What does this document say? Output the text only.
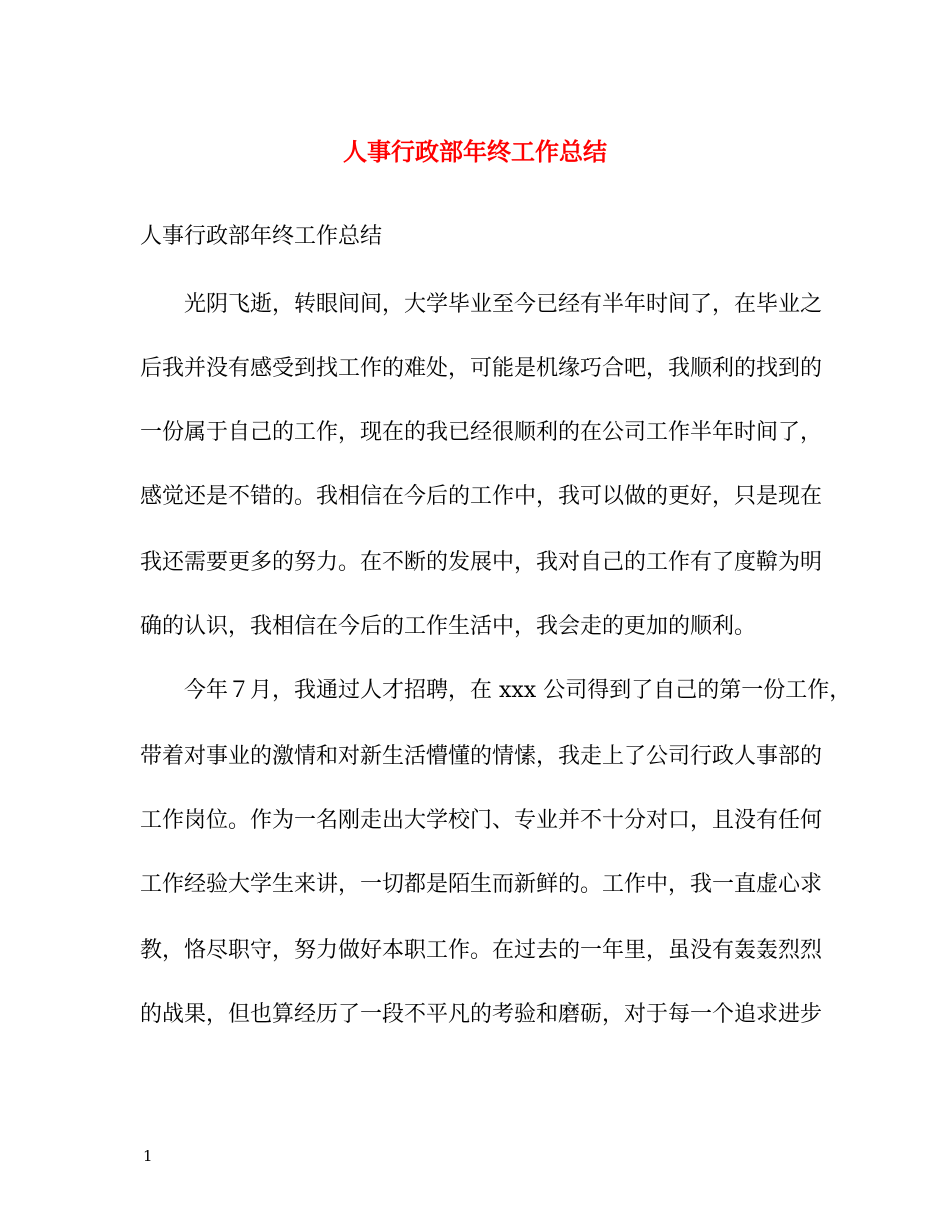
人事行政部年终工作总结
人事行政部年终工作总结
光阴飞逝，转眼间间，大学毕业至今已经有半年时间了，在毕业之
后我并没有感受到找工作的难处，可能是机缘巧合吧，我顺利的找到的
一份属于自己的工作，现在的我已经很顺利的在公司工作半年时间了，
感觉还是不错的。我相信在今后的工作中，我可以做的更好，只是现在
我还需要更多的努力。在不断的发展中，我对自己的工作有了度鞥为明
确的认识，我相信在今后的工作生活中，我会走的更加的顺利。
今年７月，我通过人才招聘，在 xxx 公司得到了自己的第一份工作，
带着对事业的激情和对新生活懵懂的情愫，我走上了公司行政人事部的
工作岗位。作为一名刚走出大学校门、专业并不十分对口，且没有任何
工作经验大学生来讲，一切都是陌生而新鲜的。工作中，我一直虚心求
教，恪尽职守，努力做好本职工作。在过去的一年里，虽没有轰轰烈烈
的战果，但也算经历了一段不平凡的考验和磨砺，对于每一个追求进步
1
